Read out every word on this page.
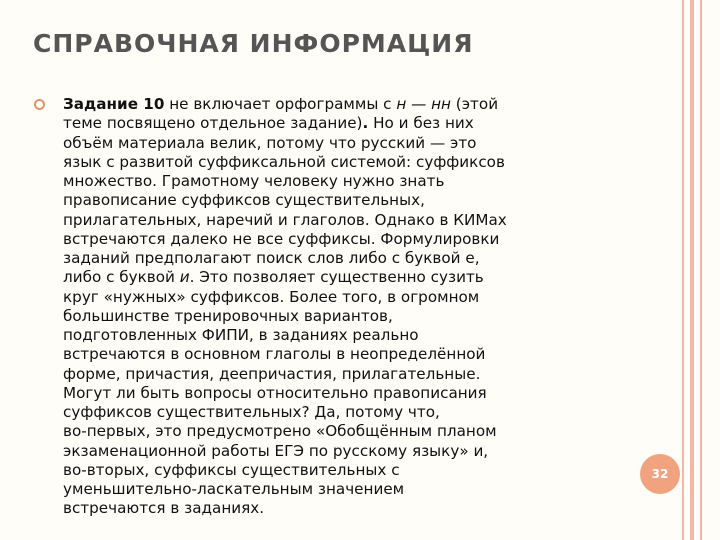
СПРАВОЧНАЯ ИНФОРМАЦИЯ
Задание 10 не включает орфограммы с н — нн (этой
теме посвящено отдельное задание). Но и без них
объём материала велик, потому что русский — это
язык с развитой суффиксальной системой: суффиксов
множество. Грамотному человеку нужно знать
правописание суффиксов существительных,
прилагательных, наречий и глаголов. Однако в КИМах
встречаются далеко не все суффиксы. Формулировки
заданий предполагают поиск слов либо с буквой е,
либо с буквой и. Это позволяет существенно сузить
круг «нужных» суффиксов. Более того, в огромном
большинстве тренировочных вариантов,
подготовленных ФИПИ, в заданиях реально
встречаются в основном глаголы в неопределённой
форме, причастия, деепричастия, прилагательные.
Могут ли быть вопросы относительно правописания
суффиксов существительных? Да, потому что,
во-первых, это предусмотрено «Обобщённым планом
экзаменационной работы ЕГЭ по русскому языку» и,
во-вторых, суффиксы существительных с
уменьшительно-ласкательным значением
встречаются в заданиях.
32
